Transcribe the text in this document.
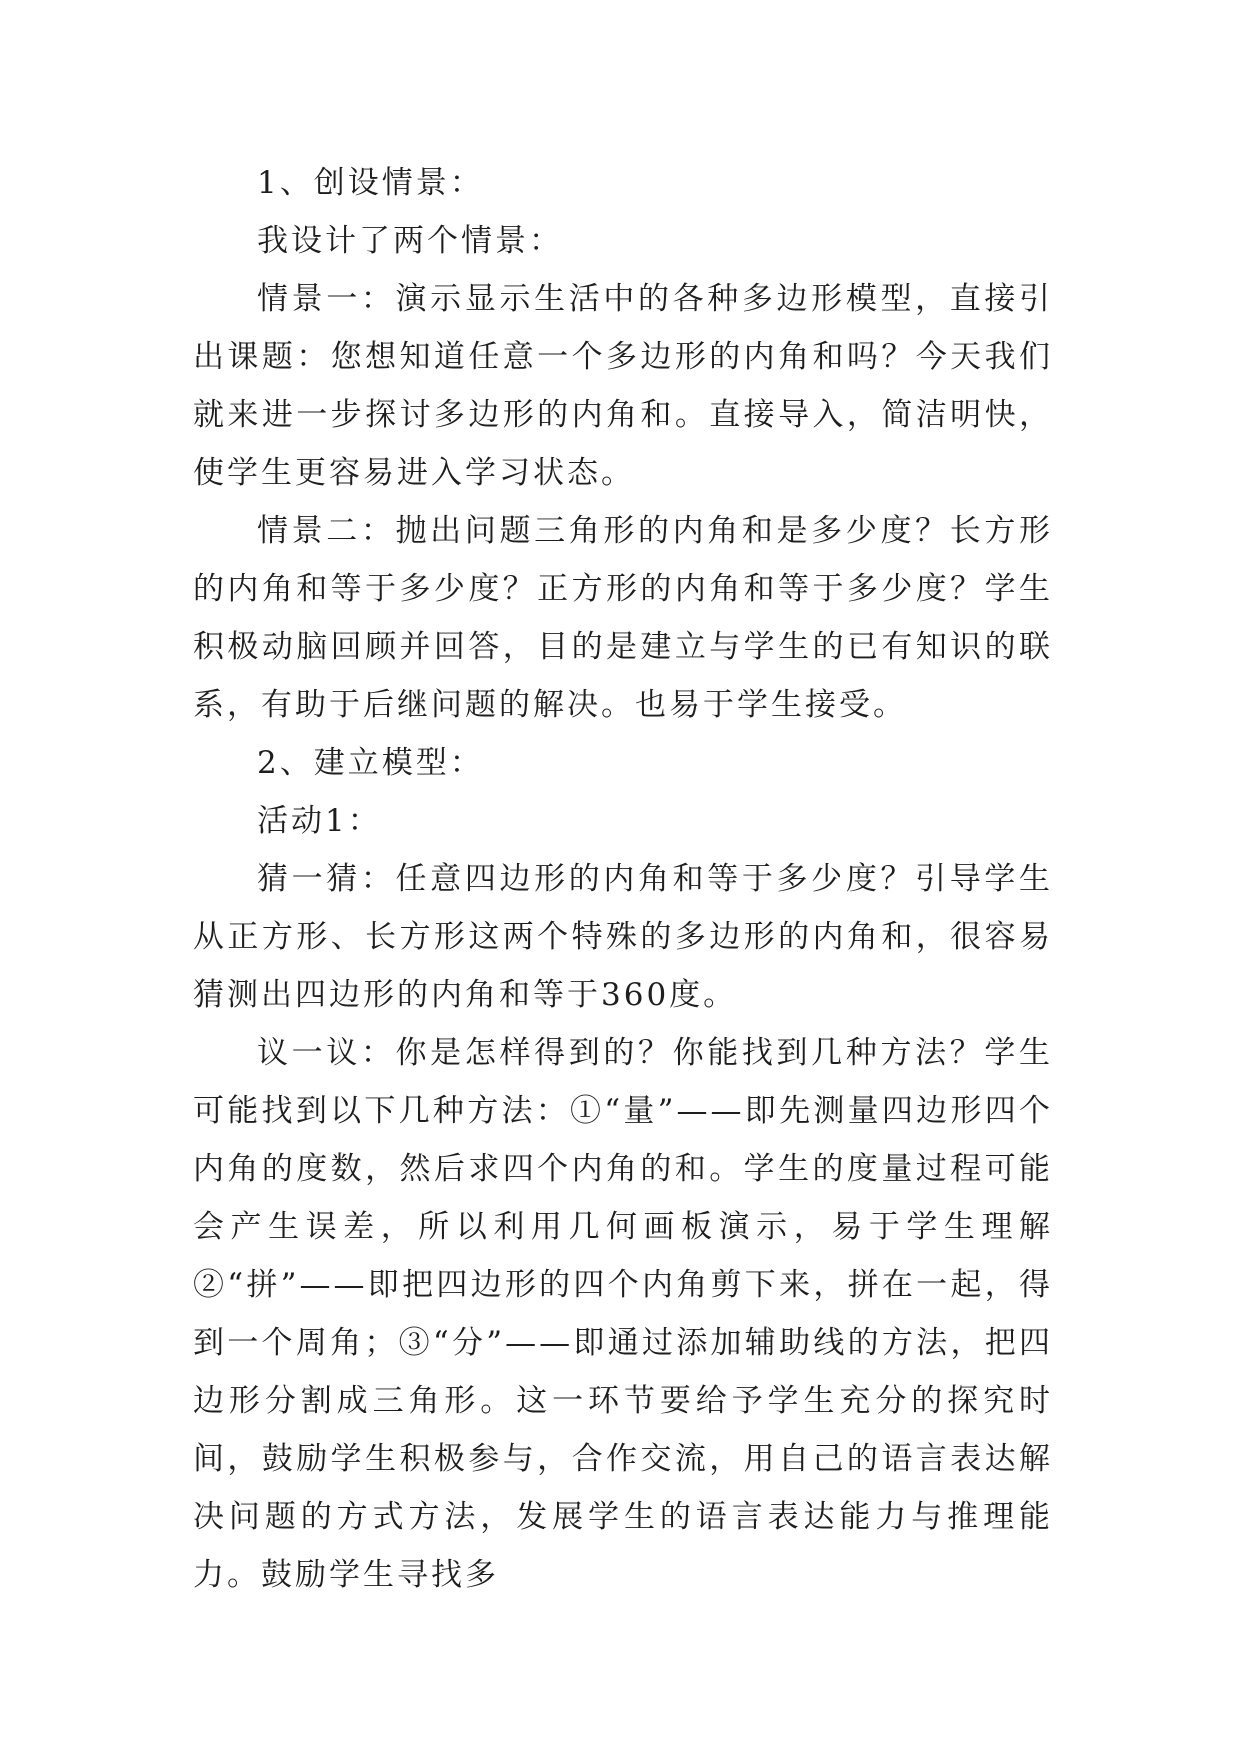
1、创设情景：

我设计了两个情景：

情景一：演示显示生活中的各种多边形模型，直接引出课题：您想知道任意一个多边形的内角和吗？今天我们就来进一步探讨多边形的内角和。直接导入，简洁明快，使学生更容易进入学习状态。

情景二：抛出问题三角形的内角和是多少度？长方形的内角和等于多少度？正方形的内角和等于多少度？学生积极动脑回顾并回答，目的是建立与学生的已有知识的联系，有助于后继问题的解决。也易于学生接受。

2、建立模型：

活动1：

猜一猜：任意四边形的内角和等于多少度？引导学生从正方形、长方形这两个特殊的多边形的内角和，很容易猜测出四边形的内角和等于360度。

议一议：你是怎样得到的？你能找到几种方法？学生可能找到以下几种方法：①“量”——即先测量四边形四个内角的度数，然后求四个内角的和。学生的度量过程可能会产生误差，所以利用几何画板演示，易于学生理解②“拼”——即把四边形的四个内角剪下来，拼在一起，得到一个周角；③“分”——即通过添加辅助线的方法，把四边形分割成三角形。这一环节要给予学生充分的探究时间，鼓励学生积极参与，合作交流，用自己的语言表达解决问题的方式方法，发展学生的语言表达能力与推理能力。鼓励学生寻找多
